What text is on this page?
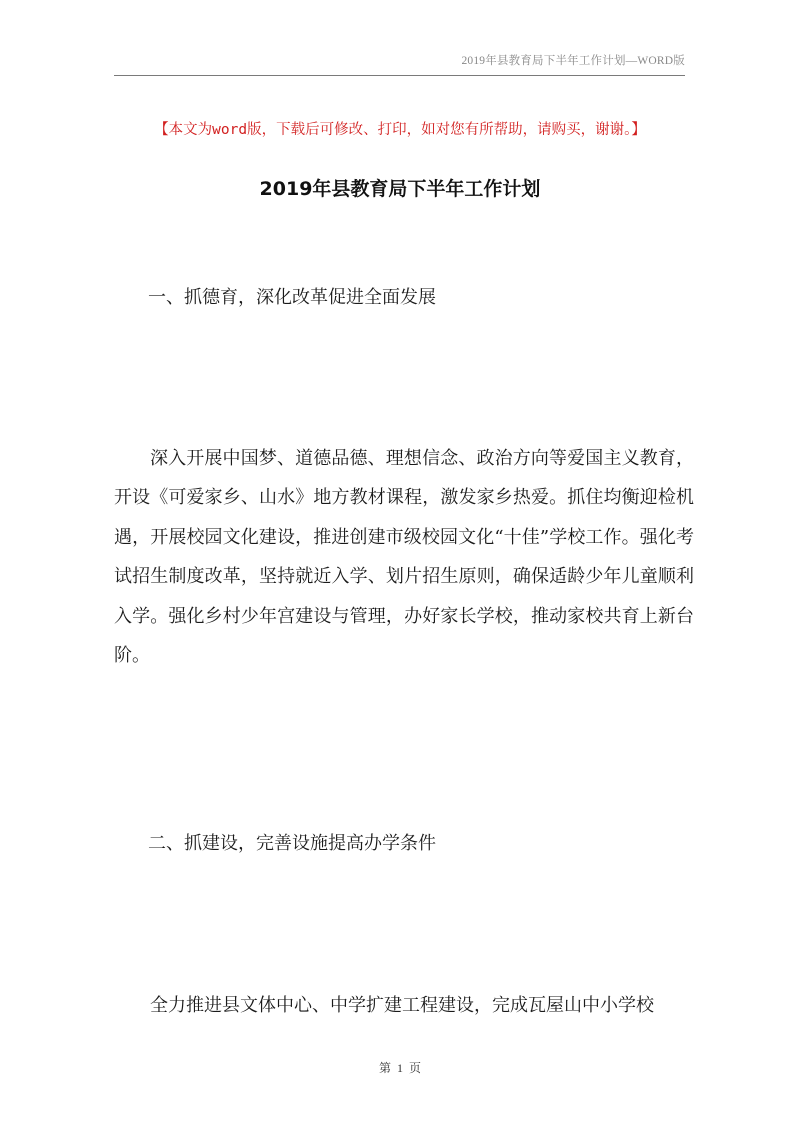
2019年县教育局下半年工作计划—WORD版
【本文为word版，下载后可修改、打印，如对您有所帮助，请购买，谢谢。】
2019年县教育局下半年工作计划
一、抓德育，深化改革促进全面发展

深入开展中国梦、道德品德、理想信念、政治方向等爱国主义教育，开设《可爱家乡、山水》地方教材课程，激发家乡热爱。抓住均衡迎检机遇，开展校园文化建设，推进创建市级校园文化“十佳”学校工作。强化考试招生制度改革，坚持就近入学、划片招生原则，确保适龄少年儿童顺利入学。强化乡村少年宫建设与管理，办好家长学校，推动家校共育上新台阶。

二、抓建设，完善设施提高办学条件

全力推进县文体中心、中学扩建工程建设，完成瓦屋山中小学校

第 1 页
